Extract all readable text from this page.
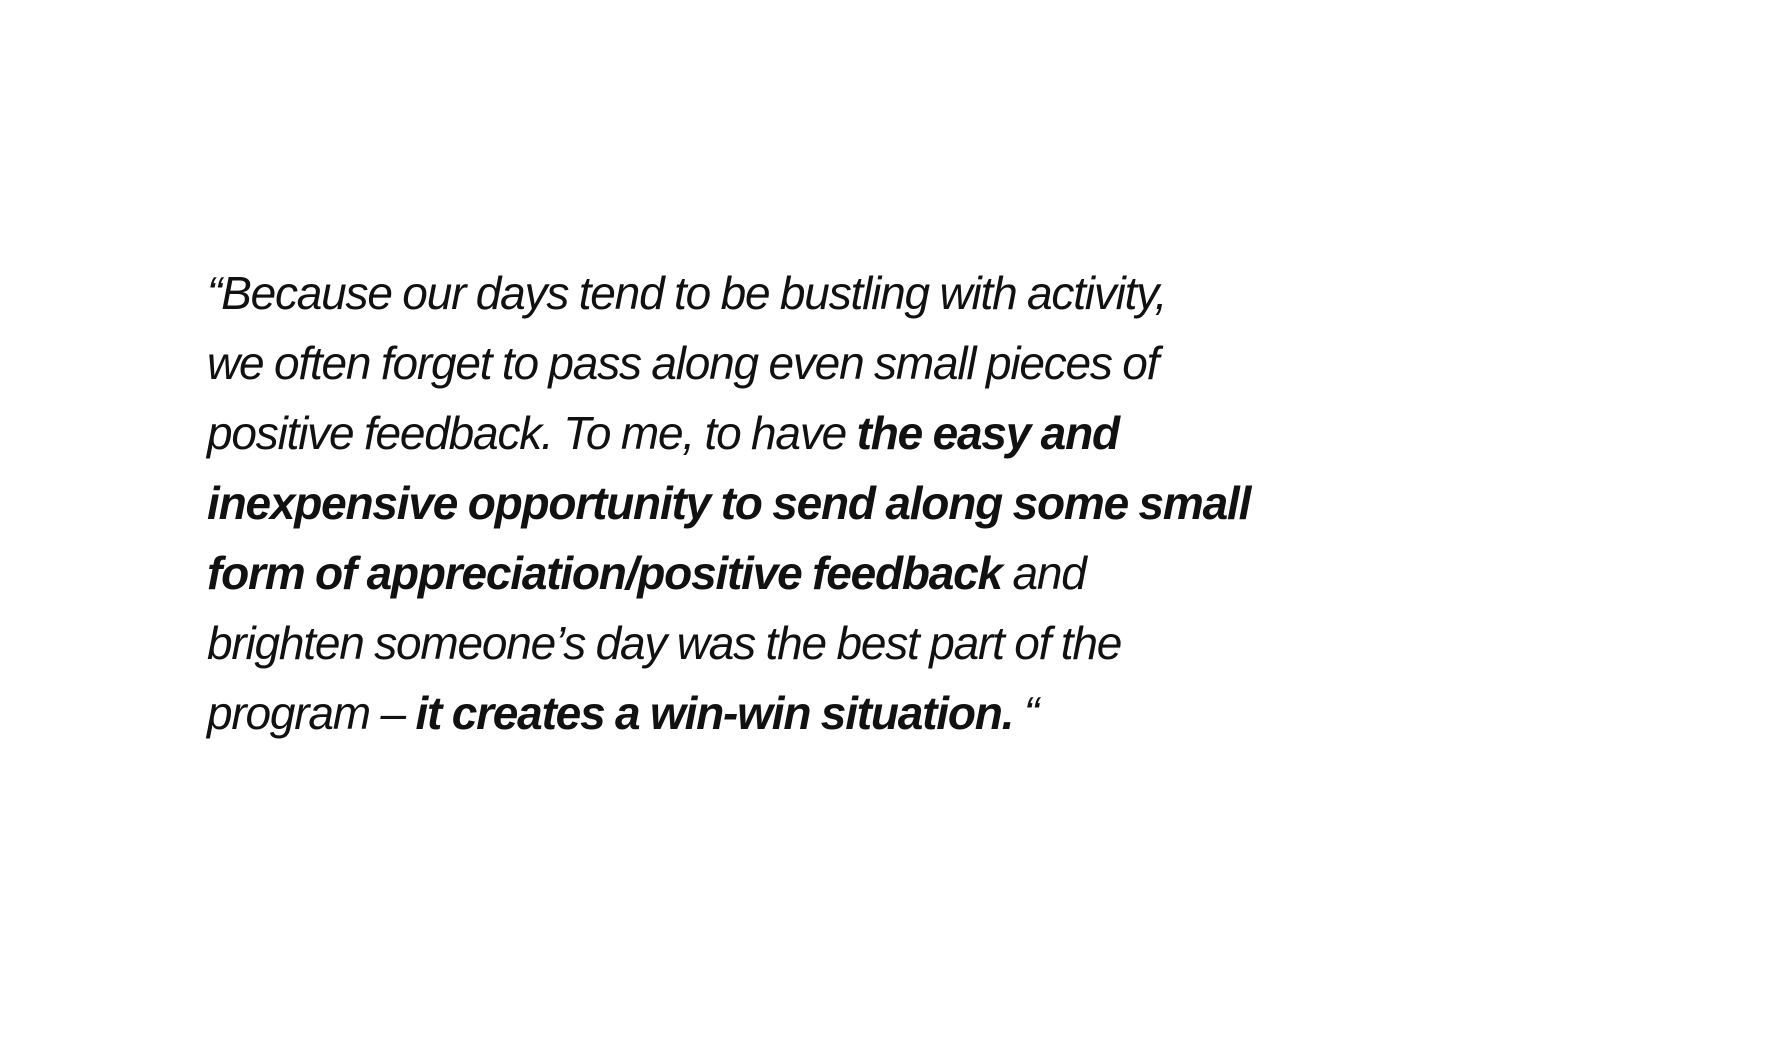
“Because our days tend to be bustling with activity,
we often forget to pass along even small pieces of
positive feedback. To me, to have the easy and
inexpensive opportunity to send along some small
form of appreciation/positive feedback and
brighten someone’s day was the best part of the
program – it creates a win-win situation. “
